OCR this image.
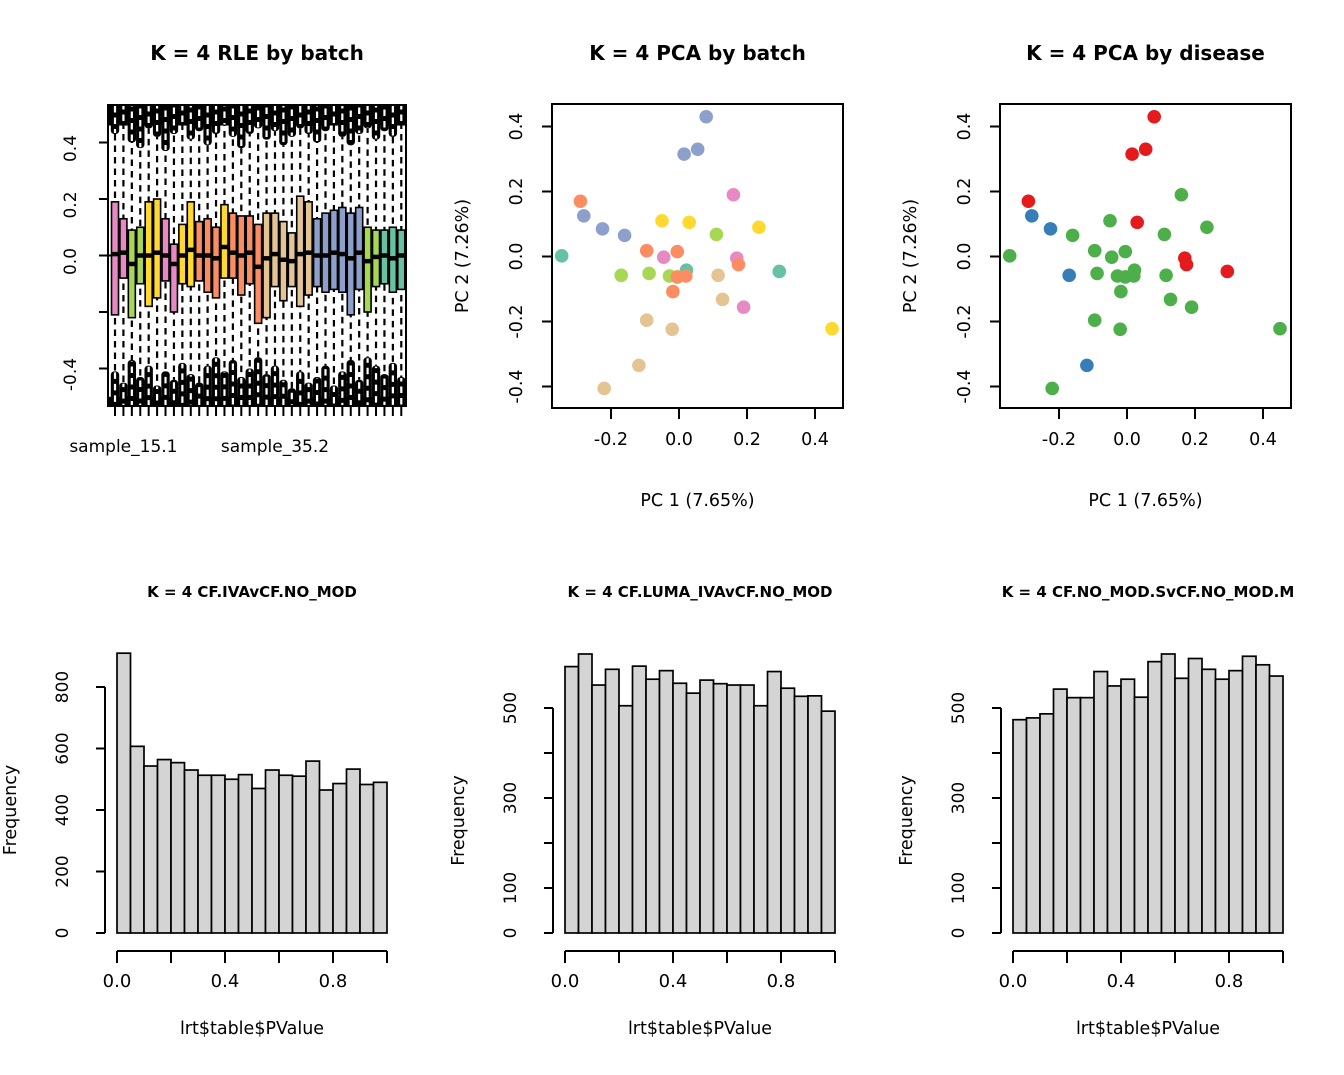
K = 4 RLE by batch
0.4
0.2
0.0
-0.4
sample_15.1	sample_35.2
K = 4 PCA by batch
-0.2 0.0 0.2 0.4
0.4
0.2
0.0
-0.2
-0.4
PC 1 (7.65%)
PC 2 (7.26%)
K = 4 PCA by disease
-0.2 0.0 0.2 0.4
0.4
0.2
0.0
-0.2
-0.4
PC 1 (7.65%)
PC 2 (7.26%)
K = 4 CF.IVAvCF.NO_MOD
0
200
400
600
800
0.0	0.4	0.8
lrt$table$PValue
Frequency
K = 4 CF.LUMA_IVAvCF.NO_MOD
0
100
300
500
0.0	0.4	0.8
lrt$table$PValue
Frequency
K = 4 CF.NO_MOD.SvCF.NO_MOD.M
0
100
300
500
0.0	0.4	0.8
lrt$table$PValue
Frequency
